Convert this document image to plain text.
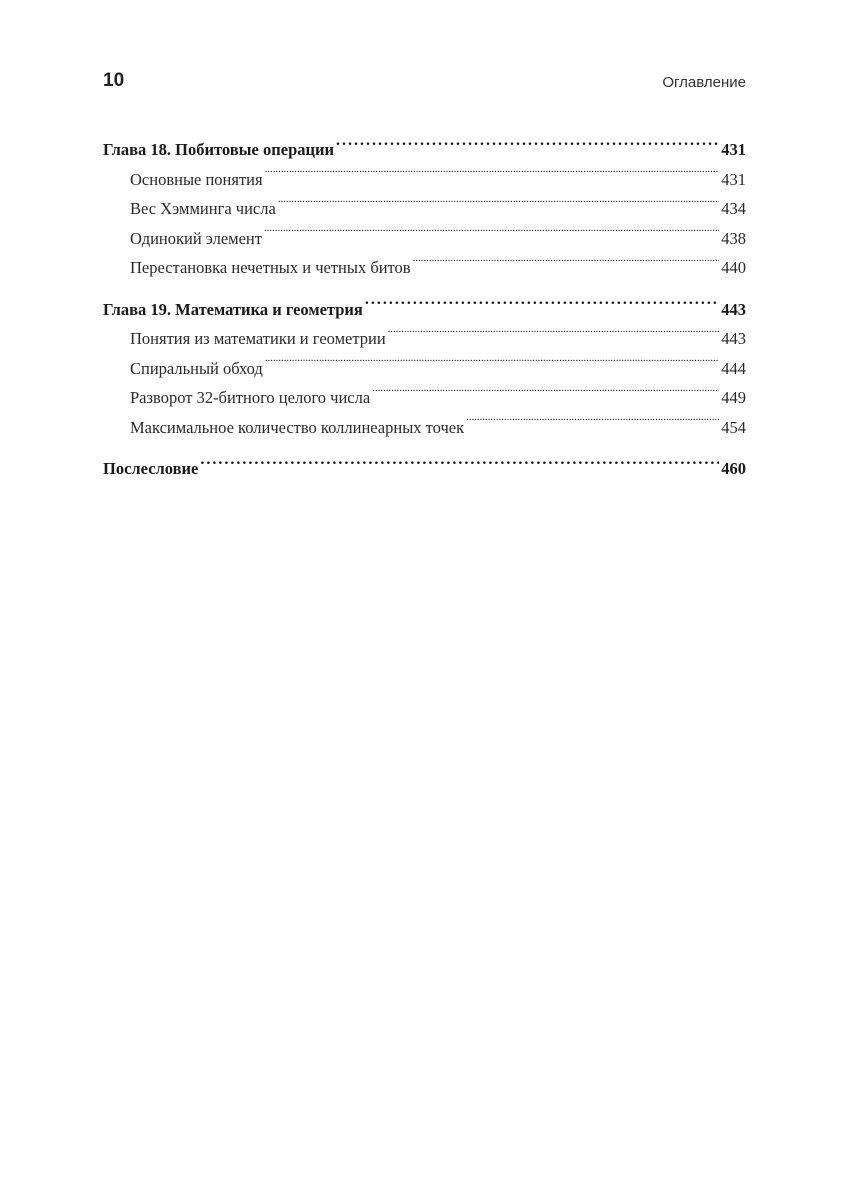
10	Оглавление
Глава 18. Побитовые операции . . .	431
Основные понятия . . .	431
Вес Хэмминга числа . . .	434
Одинокий элемент . . .	438
Перестановка нечетных и четных битов . . .	440
Глава 19. Математика и геометрия . . .	443
Понятия из математики и геометрии . . .	443
Спиральный обход . . .	444
Разворот 32-битного целого числа . . .	449
Максимальное количество коллинеарных точек . . .	454
Послесловие . . .	460
